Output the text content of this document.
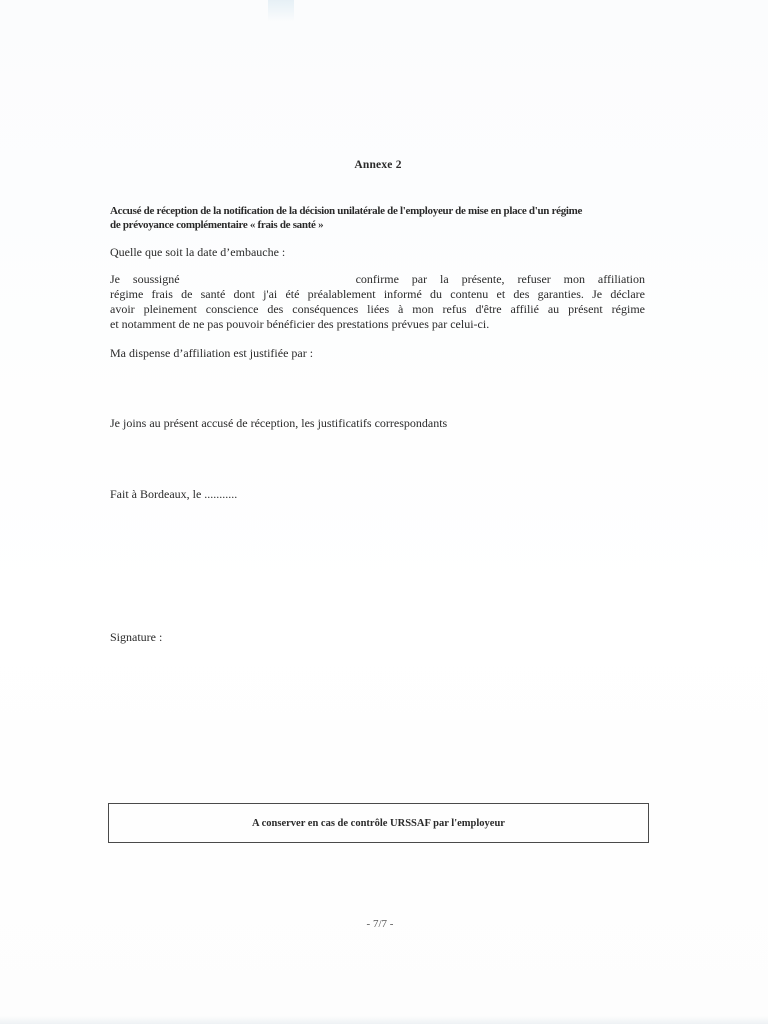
Annexe 2
Accusé de réception de la notification de la décision unilatérale de l'employeur de mise en place d'un régime
de prévoyance complémentaire « frais de santé »
Quelle que soit la date d’embauche :

Je soussigné	confirme par la présente, refuser mon affiliation

régime frais de santé dont j'ai été préalablement informé du contenu et des garanties. Je déclare

avoir pleinement conscience des conséquences liées à mon refus d'être affilié au présent régime

et notamment de ne pas pouvoir bénéficier des prestations prévues par celui-ci.

Ma dispense d’affiliation est justifiée par :
Je joins au présent accusé de réception, les justificatifs correspondants
Fait à Bordeaux, le ...........
Signature :
A conserver en cas de contrôle URSSAF par l'employeur
- 7/7 -
